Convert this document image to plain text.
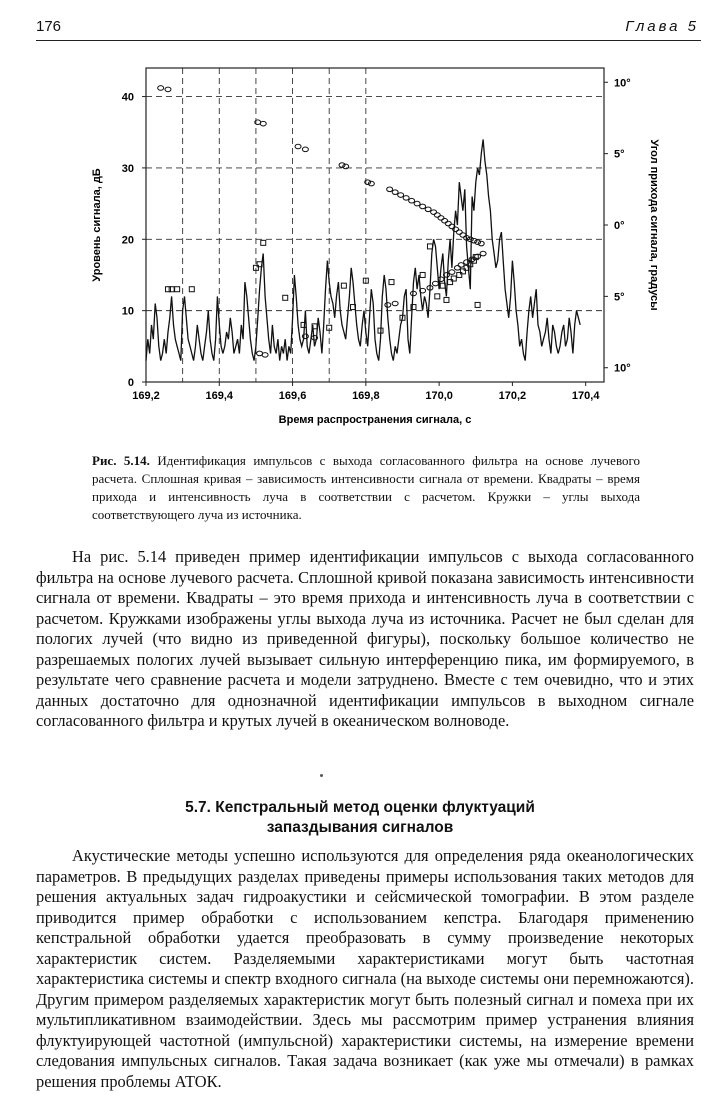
176	Глава 5
169,2	169,4	169,6	169,8	170,0	170,2	170,4
0
10
20
30
40
10°
5°
0°
5°
10°
Время распространения сигнала, с
Уровень сигнала, дБ	Угол прихода сигнала, градусы
Рис. 5.14. Идентификация импульсов с выхода согласованного фильтра на основе лучевого расчета. Сплошная кривая – зависимость интенсивности сигнала от времени. Квадраты – время прихода и интенсивность луча в соответствии с расчетом. Кружки – углы выхода соответствующего луча из источника.

На рис. 5.14 приведен пример идентификации импульсов с выхода согласованного фильтра на основе лучевого расчета. Сплошной кривой показана зависимость интенсивности сигнала от времени. Квадраты – это время прихода и интенсивность луча в соответствии с расчетом. Кружками изображены углы выхода луча из источника. Расчет не был сделан для пологих лучей (что видно из приведенной фигуры), поскольку большое количество не разрешаемых пологих лучей вызывает сильную интерференцию пика, им формируемого, в результате чего сравнение расчета и модели затруднено. Вместе с тем очевидно, что и этих данных достаточно для однозначной идентификации импульсов в выходном сигнале согласованного фильтра и крутых лучей в океаническом волноводе.

5.7. Кепстральный метод оценки флуктуаций
запаздывания сигналов

Акустические методы успешно используются для определения ряда океанологических параметров. В предыдущих разделах приведены примеры использования таких методов для решения актуальных задач гидроакустики и сейсмической томографии. В этом разделе приводится пример обработки с использованием кепстра. Благодаря применению кепстральной обработки удается преобразовать в сумму произведение некоторых характеристик систем. Разделяемыми характеристиками могут быть частотная характеристика системы и спектр входного сигнала (на выходе системы они перемножаются). Другим примером разделяемых характеристик могут быть полезный сигнал и помеха при их мультипликативном взаимодействии. Здесь мы рассмотрим пример устранения влияния флуктуирующей частотной (импульсной) характеристики системы, на измерение времени следования импульсных сигналов. Такая задача возникает (как уже мы отмечали) в рамках решения проблемы АТОК.
